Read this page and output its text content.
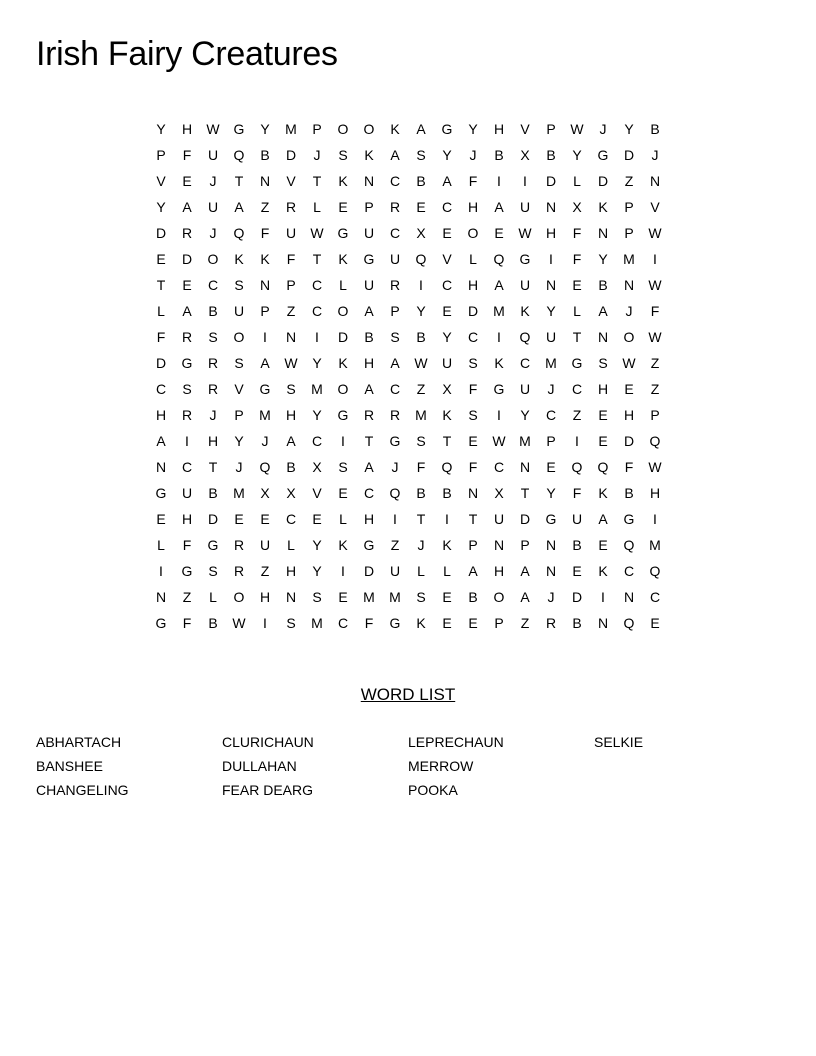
Irish Fairy Creatures
Y	H	W G	Y	M	P	O	O	K	A	G	Y	H	V	P	W	J	Y	B
P	F	U	Q	B	D	J	S	K	A	S	Y	J	B	X	B	Y	G	D	J
V	E	J	T	N	V	T	K	N	C	B	A	F	I	I	D	L	D	Z	N
Y	A	U	A	Z	R	L	E	P	R	E	C	H	A	U	N	X	K	P	V
D	R	J	Q	F	U	W G	U	C	X	E	O	E	W	H	F	N	P	W
E	D	O	K	K	F	T	K	G	U	Q	V	L	Q	G	I	F	Y	M	I
T	E	C	S	N	P	C	L	U	R	I	C	H	A	U	N	E	B	N	W
L	A	B	U	P	Z	C	O	A	P	Y	E	D	M	K	Y	L	A	J	F
F	R	S	O	I	N	I	D	B	S	B	Y	C	I	Q	U	T	N	O W
D	G	R	S	A	W	Y	K	H	A	W	U	S	K	C	M	G	S	W	Z
C	S	R	V	G	S	M	O	A	C	Z	X	F	G	U	J	C	H	E	Z
H	R	J	P	M	H	Y	G	R	R	M	K	S	I	Y	C	Z	E	H	P
A	I	H	Y	J	A	C	I	T	G	S	T	E	W M	P	I	E	D	Q
N	C	T	J	Q	B	X	S	A	J	F	Q	F	C	N	E	Q	Q	F	W
G	U	B	M	X	X	V	E	C	Q	B	B	N	X	T	Y	F	K	B	H
E	H	D	E	E	C	E	L	H	I	T	I	T	U	D	G	U	A	G	I
L	F	G	R	U	L	Y	K	G	Z	J	K	P	N	P	N	B	E	Q	M
I	G	S	R	Z	H	Y	I	D	U	L	L	A	H	A	N	E	K	C	Q
N	Z	L	O	H	N	S	E	M	M	S	E	B	O	A	J	D	I	N	C
G	F	B	W	I	S	M	C	F	G	K	E	E	P	Z	R	B	N	Q	E
WORD LIST
ABHARTACH
BANSHEE
CHANGELING
CLURICHAUN
DULLAHAN
FEAR DEARG
LEPRECHAUN
MERROW
POOKA
SELKIE
